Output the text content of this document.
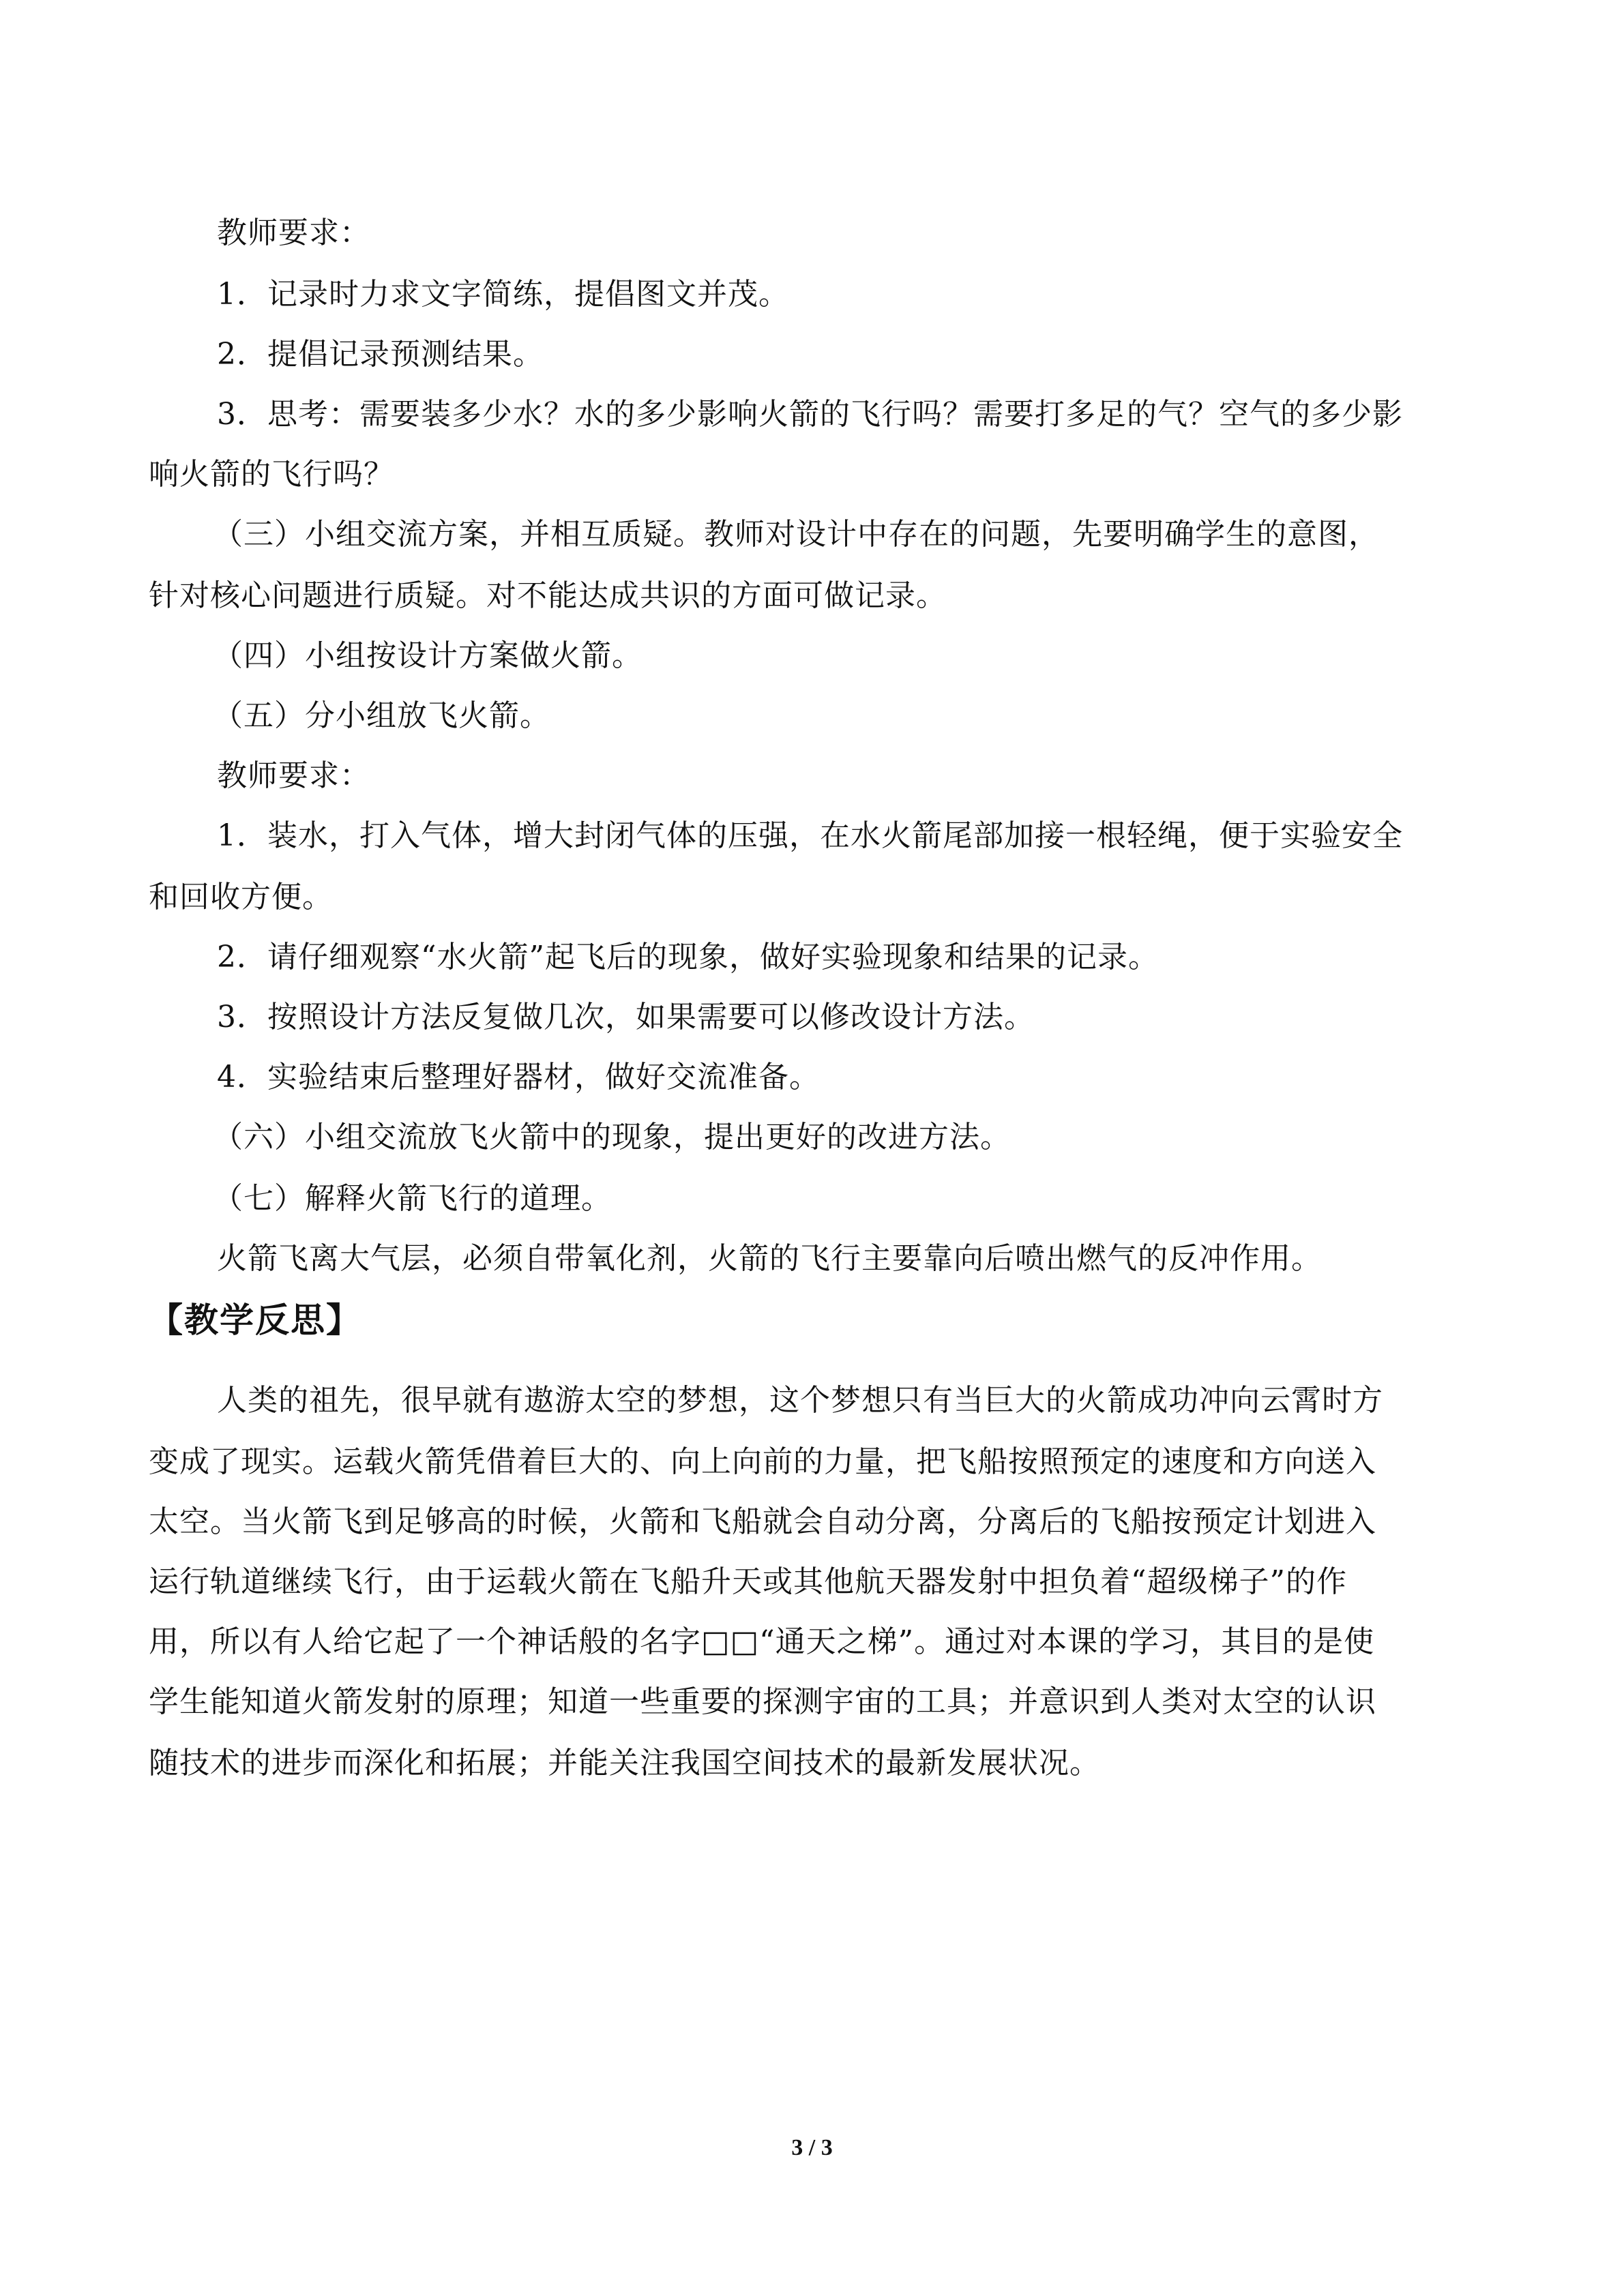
教师要求：
1．记录时力求文字简练，提倡图文并茂。
2．提倡记录预测结果。
3．思考：需要装多少水？水的多少影响火箭的飞行吗？需要打多足的气？空气的多少影
响火箭的飞行吗？
（三）小组交流方案，并相互质疑。教师对设计中存在的问题，先要明确学生的意图，
针对核心问题进行质疑。对不能达成共识的方面可做记录。
（四）小组按设计方案做火箭。
（五）分小组放飞火箭。
教师要求：
1．装水，打入气体，增大封闭气体的压强，在水火箭尾部加接一根轻绳，便于实验安全
和回收方便。
2．请仔细观察“水火箭”起飞后的现象，做好实验现象和结果的记录。
3．按照设计方法反复做几次，如果需要可以修改设计方法。
4．实验结束后整理好器材，做好交流准备。
（六）小组交流放飞火箭中的现象，提出更好的改进方法。
（七）解释火箭飞行的道理。
火箭飞离大气层，必须自带氧化剂，火箭的飞行主要靠向后喷出燃气的反冲作用。
【教学反思】
人类的祖先，很早就有遨游太空的梦想，这个梦想只有当巨大的火箭成功冲向云霄时方
变成了现实。运载火箭凭借着巨大的、向上向前的力量，把飞船按照预定的速度和方向送入
太空。当火箭飞到足够高的时候，火箭和飞船就会自动分离，分离后的飞船按预定计划进入
运行轨道继续飞行，由于运载火箭在飞船升天或其他航天器发射中担负着“超级梯子”的作
用，所以有人给它起了一个神话般的名字□□“通天之梯”。通过对本课的学习，其目的是使
学生能知道火箭发射的原理；知道一些重要的探测宇宙的工具；并意识到人类对太空的认识
随技术的进步而深化和拓展；并能关注我国空间技术的最新发展状况。
3 / 3
